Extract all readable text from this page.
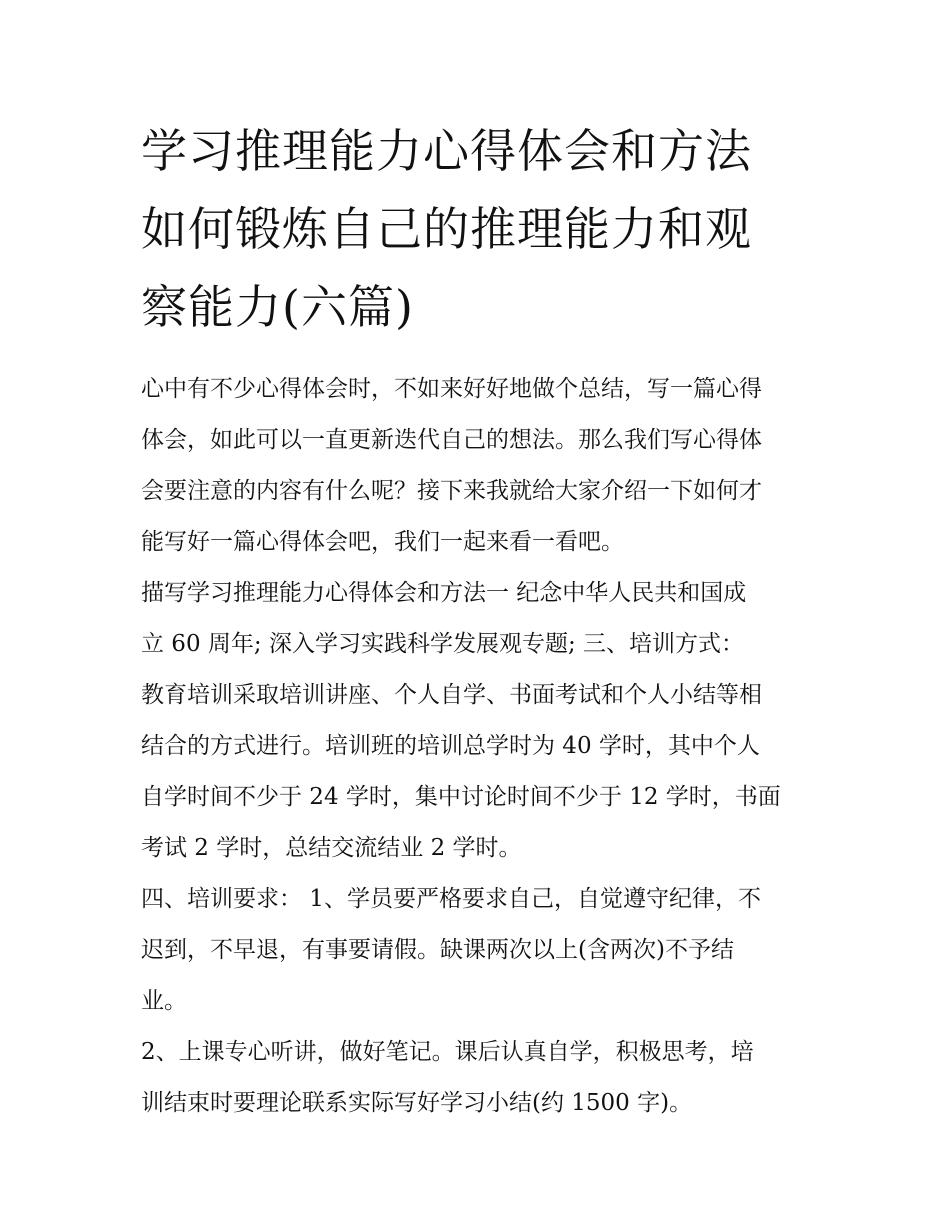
学习推理能力心得体会和方法
如何锻炼自己的推理能力和观
察能力(六篇)

心中有不少心得体会时，不如来好好地做个总结，写一篇心得
体会，如此可以一直更新迭代自己的想法。那么我们写心得体
会要注意的内容有什么呢？接下来我就给大家介绍一下如何才
能写好一篇心得体会吧，我们一起来看一看吧。

描写学习推理能力心得体会和方法一 纪念中华人民共和国成
立 60 周年; 深入学习实践科学发展观专题; 三、培训方式：

教育培训采取培训讲座、个人自学、书面考试和个人小结等相
结合的方式进行。培训班的培训总学时为 40 学时，其中个人
自学时间不少于 24 学时，集中讨论时间不少于 12 学时，书面
考试 2 学时，总结交流结业 2 学时。

四、培训要求： 1、学员要严格要求自己，自觉遵守纪律，不
迟到，不早退，有事要请假。缺课两次以上(含两次)不予结
业。

2、上课专心听讲，做好笔记。课后认真自学，积极思考，培
训结束时要理论联系实际写好学习小结(约 1500 字)。
